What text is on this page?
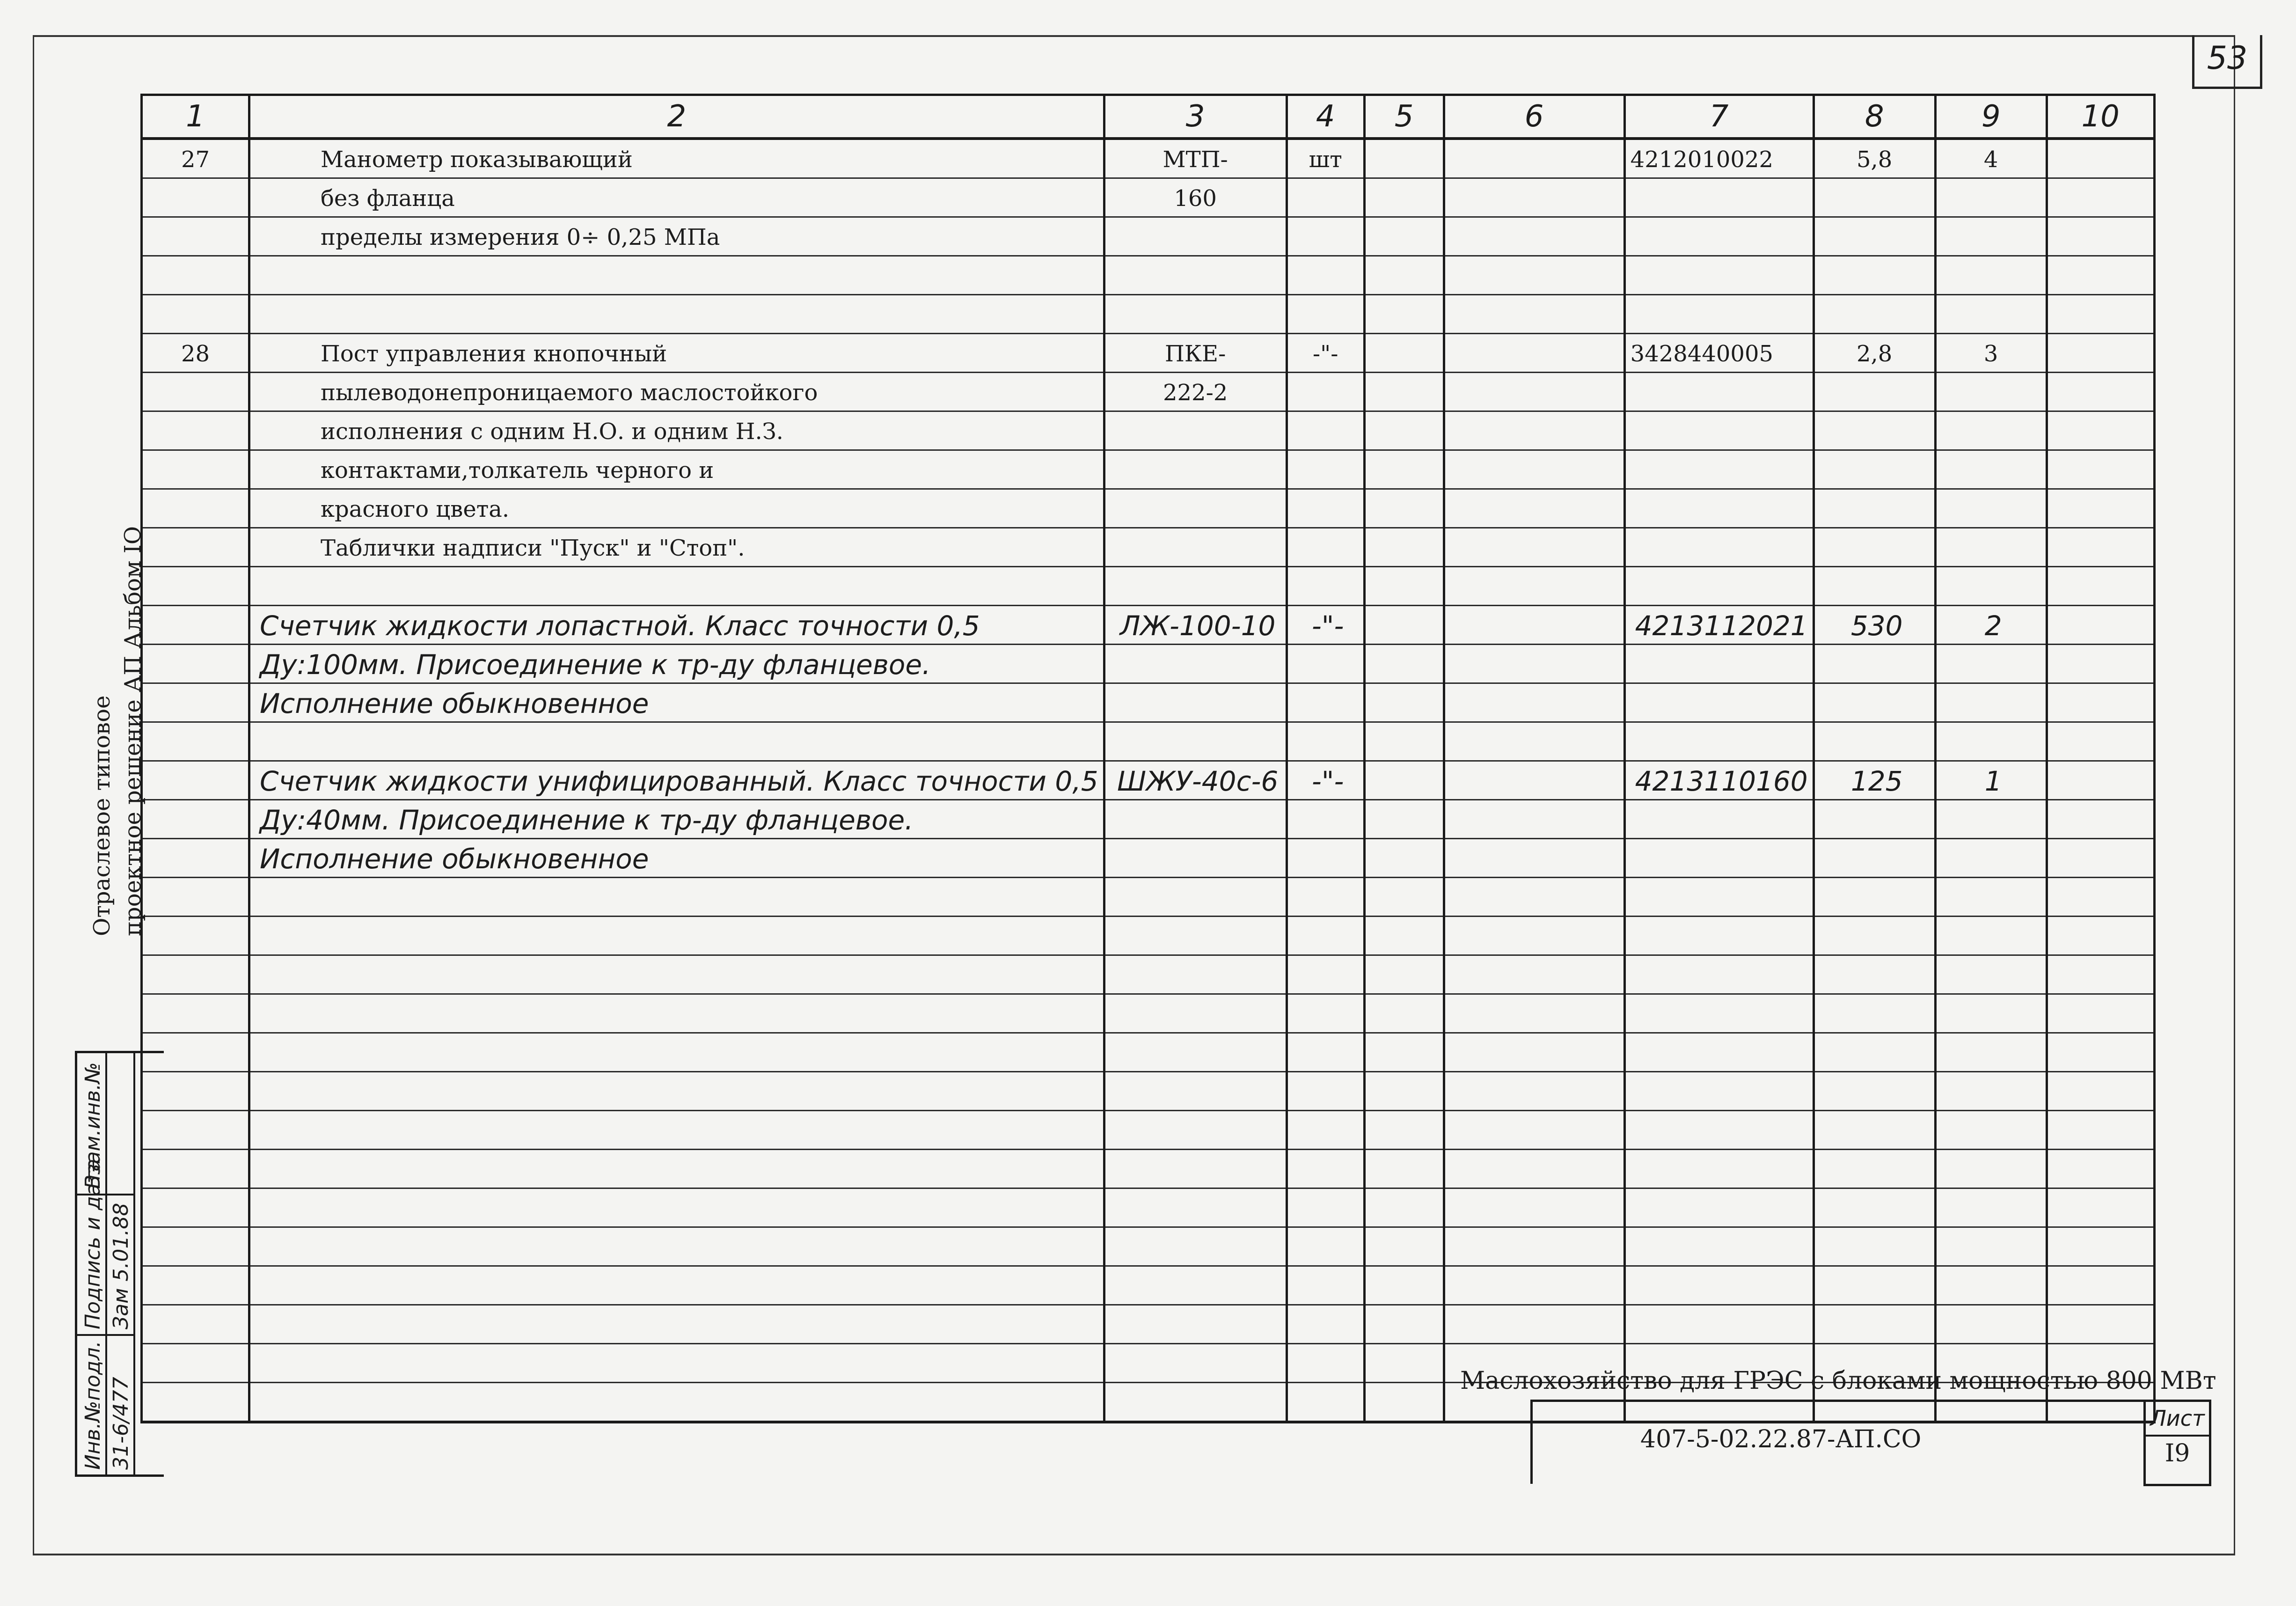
53
1	2	3	4	5	6	7	8	9	10
27	Манометр показывающий	МТП-	шт			4212010022	5,8	4	
	без фланца	160							
	пределы измерения 0÷ 0,25 МПа								

28	Пост управления кнопочный	ПКЕ-	-"-			3428440005	2,8	3	
	пылеводонепроницаемого маслостойкого	222-2							
	исполнения с одним Н.О. и одним Н.З.								
	контактами,толкатель черного и								
	красного цвета.								
	Таблички надписи "Пуск" и "Стоп".								

	Счетчик жидкости лопастной. Класс точности 0,5	ЛЖ-100-10	-"-			4213112021	530	2	
	Ду:100мм. Присоединение к тр-ду фланцевое.								
	Исполнение обыкновенное								

	Счетчик жидкости унифицированный. Класс точности 0,5	ШЖУ-40с-6	-"-			4213110160	125	1	
	Ду:40мм. Присоединение к тр-ду фланцевое.								
	Исполнение обыкновенное								

Отраслевое типовое проектное решение АП Альбом IO
Инв.№подл.
Подпись и дата
Взам.инв.№
31-6/477
Зам 5.01.88
Маслохозяйство для ГРЭС с блоками мощностью 800 МВт
407-5-02.22.87-АП.СО
Лист
I9
